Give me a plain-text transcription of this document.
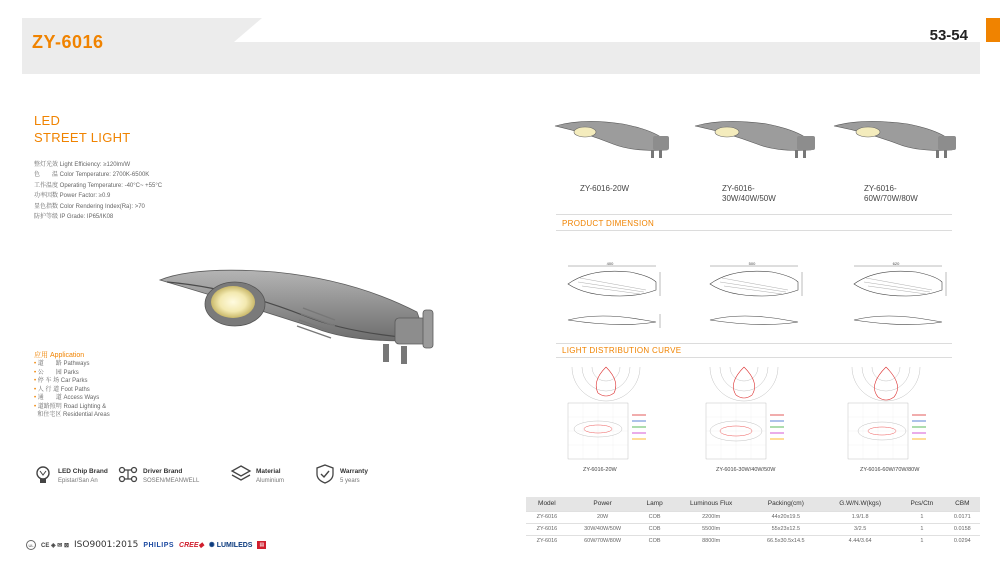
ZY-6016	53-54
LED
STREET LIGHT
整灯光效 Light Efficiency: ≥120lm/W
色　　温 Color Temperature: 2700K-6500K
工作温度 Operating Temperature: -40°C~ +55°C
功率因数 Power Factor: ≥0.9
显色指数 Color Rendering Index(Ra): >70
防护等级 IP Grade: IP65/IK08
应用 Application
• 道　　路 Pathways
• 公　　园 Parks
• 停 车 场 Car Parks
• 人 行 道 Foot Paths
• 通　　道 Access Ways
• 道路照明 Road Lighting &
和住宅区 Residential Areas
LED Chip Brand
Epistar/San An
Driver Brand
SOSEN/MEANWELL
Material
Aluminium
Warranty
5 years
UL	CE ◈ ✉ ⊠ ISO9001:2015 PHILIPS CREE◆ ✺ LUMILEDS	▤
ZY-6016-20W	ZY-6016-
30W/40W/50W
ZY-6016-
60W/70W/80W
PRODUCT DIMENSION
400	500	620
LIGHT DISTRIBUTION CURVE
ZY-6016-20W	ZY-6016-30W/40W/50W	ZY-6016-60W/70W/80W
Model	Power	Lamp	Luminous Flux	Packing(cm)	G.W/N.W(kgs)	Pcs/Ctn	CBM
ZY-6016	20W	COB	2200lm	44x20x19.5	1.9/1.8	1	0.0171
ZY-6016	30W/40W/50W	COB	5500lm	55x23x12.5	3/2.5	1	0.0158
ZY-6016	60W/70W/80W	COB	8800lm	66.5x30.5x14.5	4.44/3.64	1	0.0294
